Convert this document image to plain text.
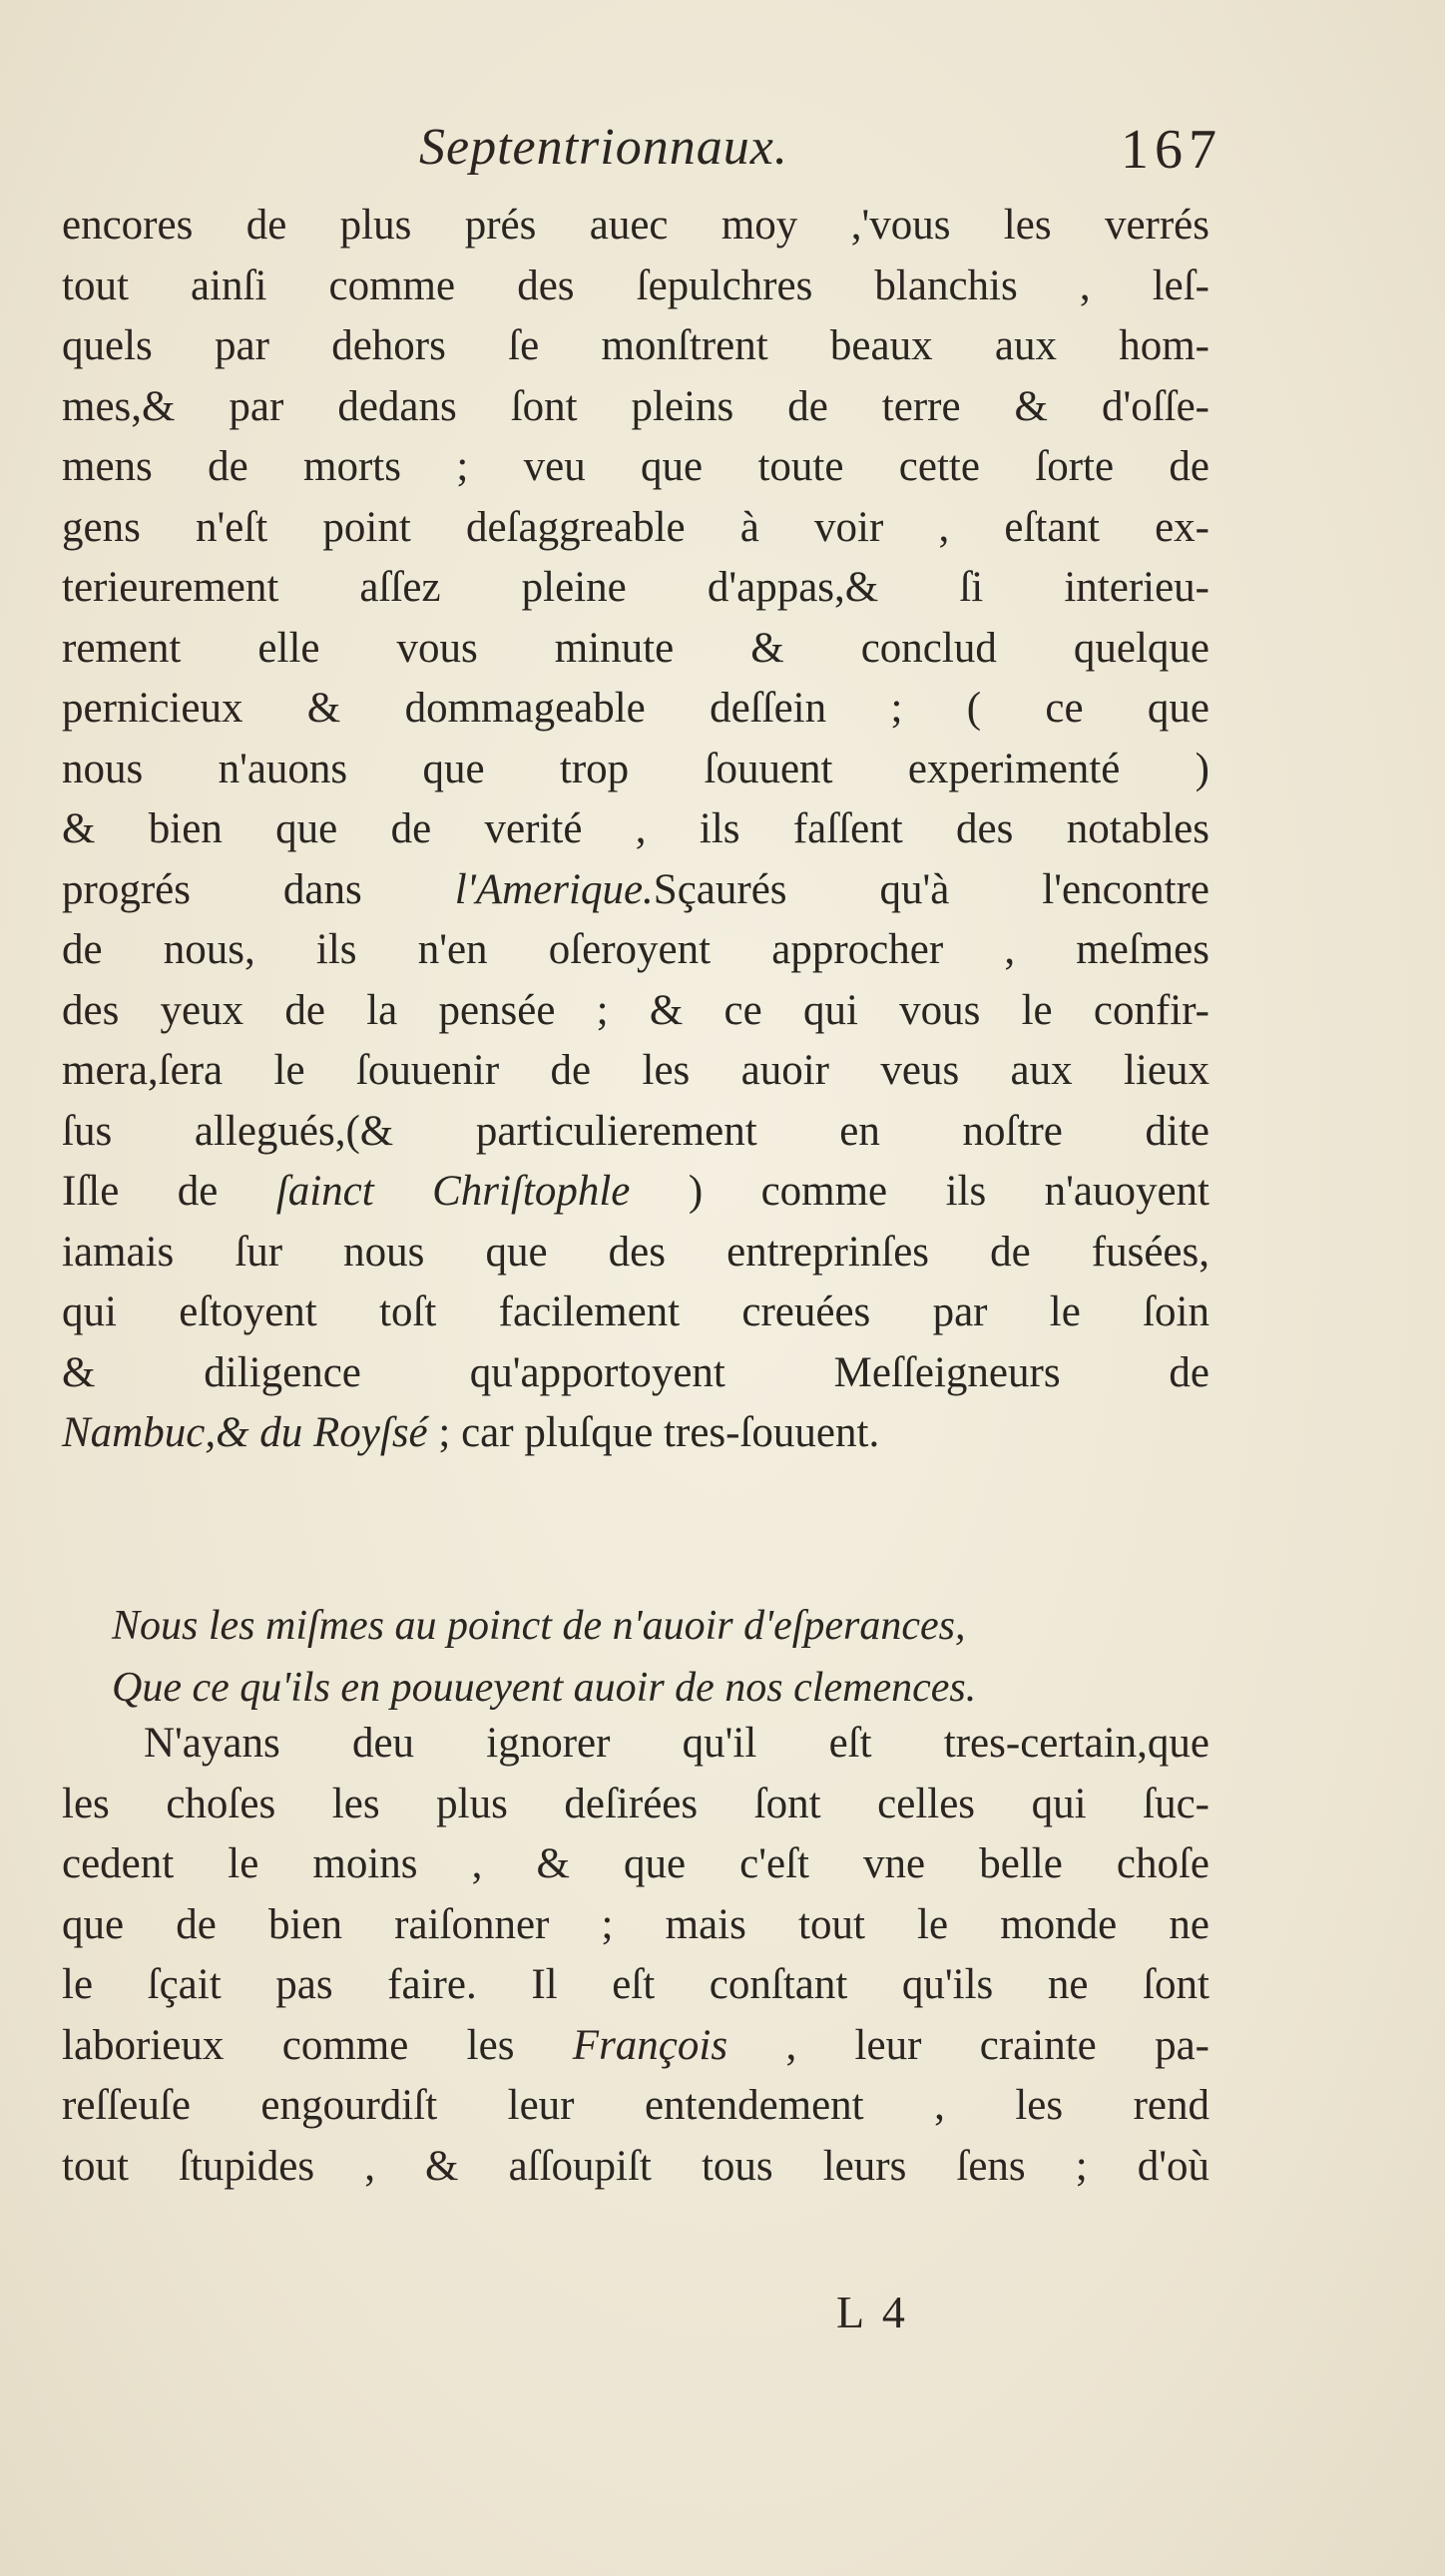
Septentrionnaux.	167
encores de plus prés auec moy ,'vous les verrés
tout ainſi comme des ſepulchres blanchis , leſ-
quels par dehors ſe monſtrent beaux aux hom-
mes,& par dedans ſont pleins de terre & d'oſſe-
mens de morts ; veu que toute cette ſorte de
gens n'eſt point deſaggreable à voir , eſtant ex-
terieurement aſſez pleine d'appas,& ſi interieu-
rement elle vous minute & conclud quelque
pernicieux & dommageable deſſein ; ( ce que
nous n'auons que trop ſouuent experimenté )
& bien que de verité , ils faſſent des notables
progrés dans l'Amerique.Sçaurés qu'à l'encontre
de nous, ils n'en oſeroyent approcher , meſmes
des yeux de la pensée ; & ce qui vous le confir-
mera,ſera le ſouuenir de les auoir veus aux lieux
ſus allegués,(& particulierement en noſtre dite
Iſle de ſainct Chriſtophle ) comme ils n'auoyent
iamais ſur nous que des entreprinſes de fusées,
qui eſtoyent toſt facilement creuées par le ſoin
& diligence qu'apportoyent Meſſeigneurs de
Nambuc,& du Royſsé ; car pluſque tres-ſouuent.
Nous les miſmes au poinct de n'auoir d'eſperances,
Que ce qu'ils en pouueyent auoir de nos clemences.
N'ayans deu ignorer qu'il eſt tres-certain,que
les choſes les plus deſirées ſont celles qui ſuc-
cedent le moins , & que c'eſt vne belle choſe
que de bien raiſonner ; mais tout le monde ne
le ſçait pas faire. Il eſt conſtant qu'ils ne ſont
laborieux comme les François , leur crainte pa-
reſſeuſe engourdiſt leur entendement , les rend
tout ſtupides , & aſſoupiſt tous leurs ſens ; d'où
L 4
